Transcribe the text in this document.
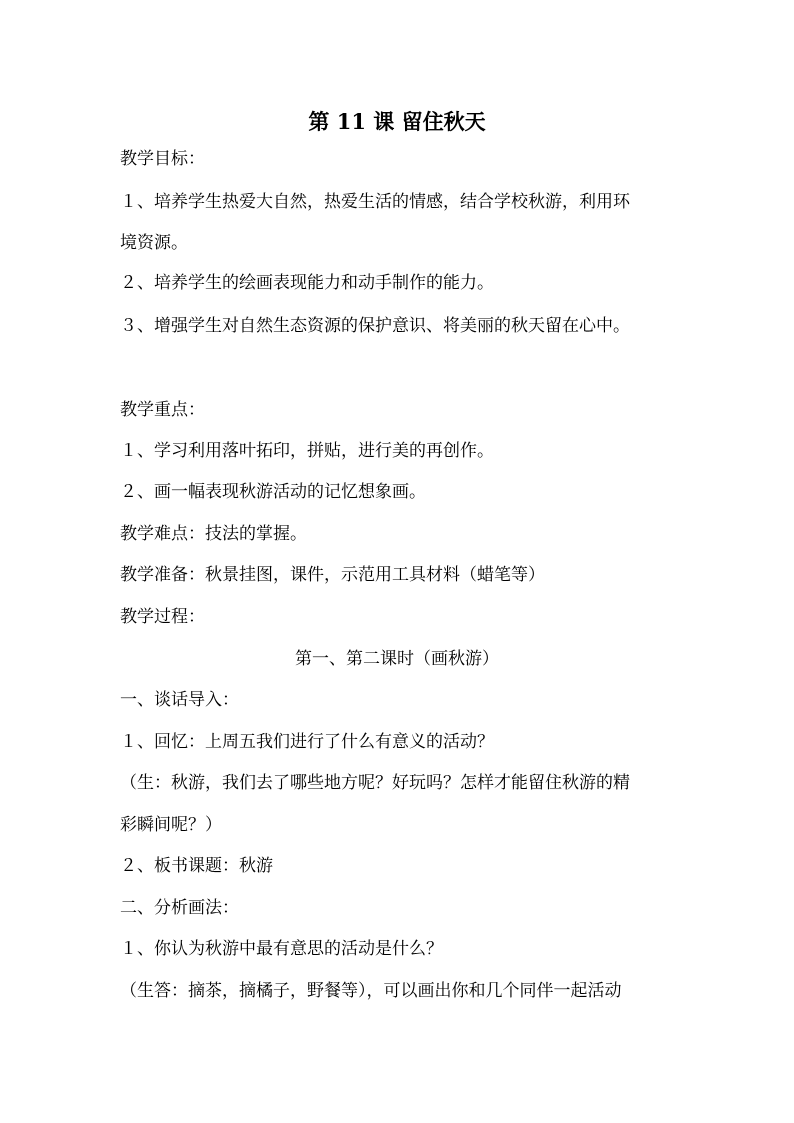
第 11 课 留住秋天
教学目标：
１、培养学生热爱大自然，热爱生活的情感，结合学校秋游，利用环
境资源。
２、培养学生的绘画表现能力和动手制作的能力。
３、增强学生对自然生态资源的保护意识、将美丽的秋天留在心中。
教学重点：
１、学习利用落叶拓印，拼贴，进行美的再创作。
２、画一幅表现秋游活动的记忆想象画。
教学难点：技法的掌握。
教学准备：秋景挂图，课件，示范用工具材料（蜡笔等）
教学过程：
第一、第二课时（画秋游）
一、谈话导入：
１、回忆：上周五我们进行了什么有意义的活动？
（生：秋游，我们去了哪些地方呢？好玩吗？怎样才能留住秋游的精
彩瞬间呢？）
２、板书课题：秋游
二、分析画法：
１、你认为秋游中最有意思的活动是什么？
（生答：摘茶，摘橘子，野餐等），可以画出你和几个同伴一起活动
